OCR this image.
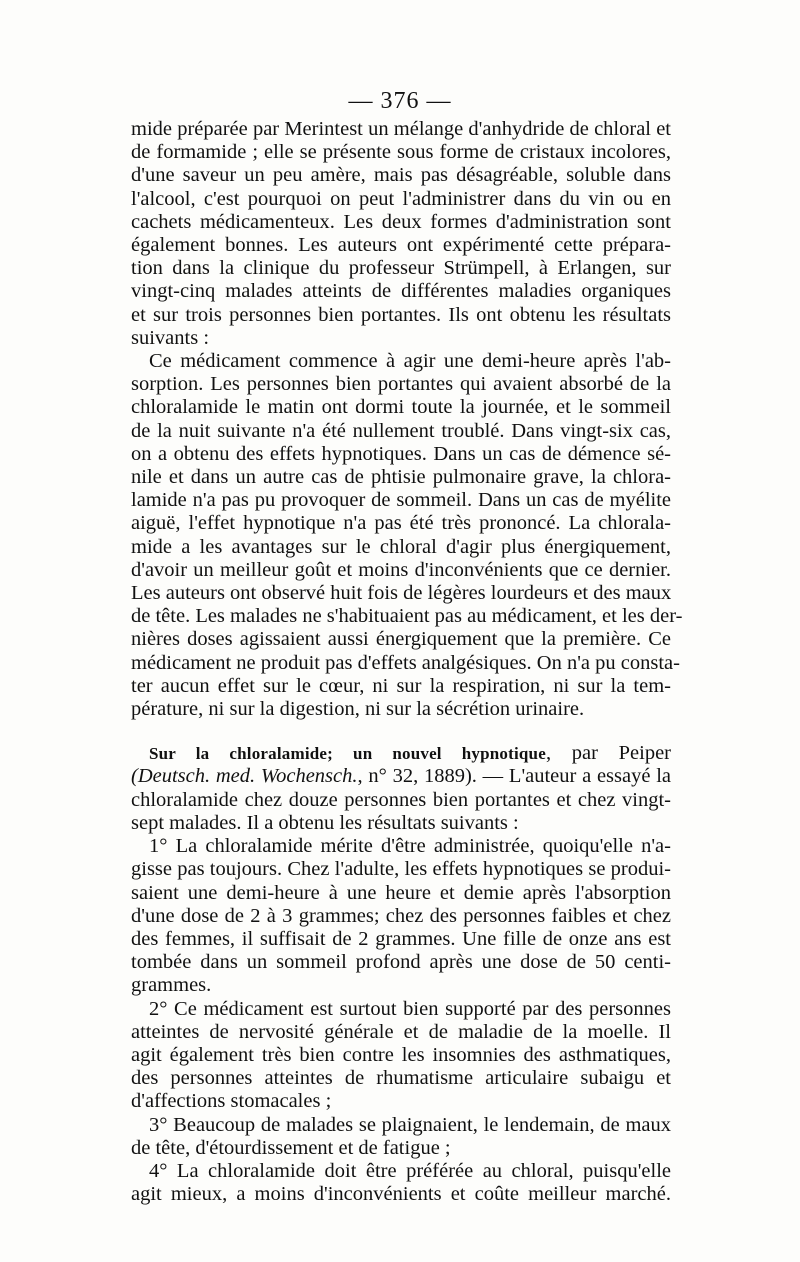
— 376 —
mide préparée par Merintest un mélange d'anhydride de chloral et
de formamide ; elle se présente sous forme de cristaux incolores,
d'une saveur un peu amère, mais pas désagréable, soluble dans
l'alcool, c'est pourquoi on peut l'administrer dans du vin ou en
cachets médicamenteux. Les deux formes d'administration sont
également bonnes. Les auteurs ont expérimenté cette prépara-
tion dans la clinique du professeur Strümpell, à Erlangen, sur
vingt-cinq malades atteints de différentes maladies organiques
et sur trois personnes bien portantes. Ils ont obtenu les résultats
suivants :
Ce médicament commence à agir une demi-heure après l'ab-
sorption. Les personnes bien portantes qui avaient absorbé de la
chloralamide le matin ont dormi toute la journée, et le sommeil
de la nuit suivante n'a été nullement troublé. Dans vingt-six cas,
on a obtenu des effets hypnotiques. Dans un cas de démence sé-
nile et dans un autre cas de phtisie pulmonaire grave, la chlora-
lamide n'a pas pu provoquer de sommeil. Dans un cas de myélite
aiguë, l'effet hypnotique n'a pas été très prononcé. La chlorala-
mide a les avantages sur le chloral d'agir plus énergiquement,
d'avoir un meilleur goût et moins d'inconvénients que ce dernier.
Les auteurs ont observé huit fois de légères lourdeurs et des maux
de tête. Les malades ne s'habituaient pas au médicament, et les der-
nières doses agissaient aussi énergiquement que la première. Ce
médicament ne produit pas d'effets analgésiques. On n'a pu consta-
ter aucun effet sur le cœur, ni sur la respiration, ni sur la tem-
pérature, ni sur la digestion, ni sur la sécrétion urinaire.
Sur la chloralamide; un nouvel hypnotique, par Peiper
(Deutsch. med. Wochensch., n° 32, 1889). — L'auteur a essayé la
chloralamide chez douze personnes bien portantes et chez vingt-
sept malades. Il a obtenu les résultats suivants :
1° La chloralamide mérite d'être administrée, quoiqu'elle n'a-
gisse pas toujours. Chez l'adulte, les effets hypnotiques se produi-
saient une demi-heure à une heure et demie après l'absorption
d'une dose de 2 à 3 grammes; chez des personnes faibles et chez
des femmes, il suffisait de 2 grammes. Une fille de onze ans est
tombée dans un sommeil profond après une dose de 50 centi-
grammes.
2° Ce médicament est surtout bien supporté par des personnes
atteintes de nervosité générale et de maladie de la moelle. Il
agit également très bien contre les insomnies des asthmatiques,
des personnes atteintes de rhumatisme articulaire subaigu et
d'affections stomacales ;
3° Beaucoup de malades se plaignaient, le lendemain, de maux
de tête, d'étourdissement et de fatigue ;
4° La chloralamide doit être préférée au chloral, puisqu'elle
agit mieux, a moins d'inconvénients et coûte meilleur marché.
